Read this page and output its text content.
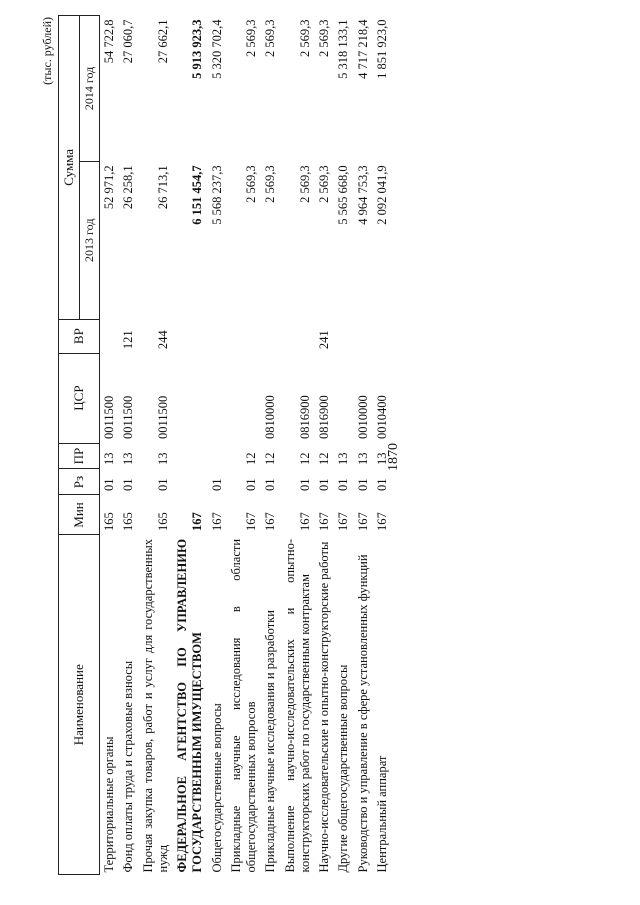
1870
(тыс. рублей)
Наименование	Мин	Рз	ПР	ЦСР	ВР	Сумма	
						2013 год	2014 год
Территориальные органы	165	01	13	0011500		52 971,2	54 722,8
Фонд оплаты труда и страховые взносы	165	01	13	0011500	121	26 258,1	27 060,7
Прочая закупка товаров, работ и услуг для государственных нужд	165	01	13	0011500	244	26 713,1	27 662,1
ФЕДЕРАЛЬНОЕ АГЕНТСТВО ПО УПРАВЛЕНИЮ ГОСУДАРСТВЕННЫМ ИМУЩЕСТВОМ	167					6 151 454,7	5 913 923,3
Общегосударственные вопросы	167	01				5 568 237,3	5 320 702,4
Прикладные научные исследования в области общегосударственных вопросов	167	01	12			2 569,3	2 569,3
Прикладные научные исследования и разработки	167	01	12	0810000		2 569,3	2 569,3
Выполнение научно-исследовательских и опытно-конструкторских работ по государственным контрактам	167	01	12	0816900		2 569,3	2 569,3
Научно-исследовательские и опытно-конструкторские работы	167	01	12	0816900	241	2 569,3	2 569,3
Другие общегосударственные вопросы	167	01	13			5 565 668,0	5 318 133,1
Руководство и управление в сфере установленных функций	167	01	13	0010000		4 964 753,3	4 717 218,4
Центральный аппарат	167	01	13	0010400		2 092 041,9	1 851 923,0
